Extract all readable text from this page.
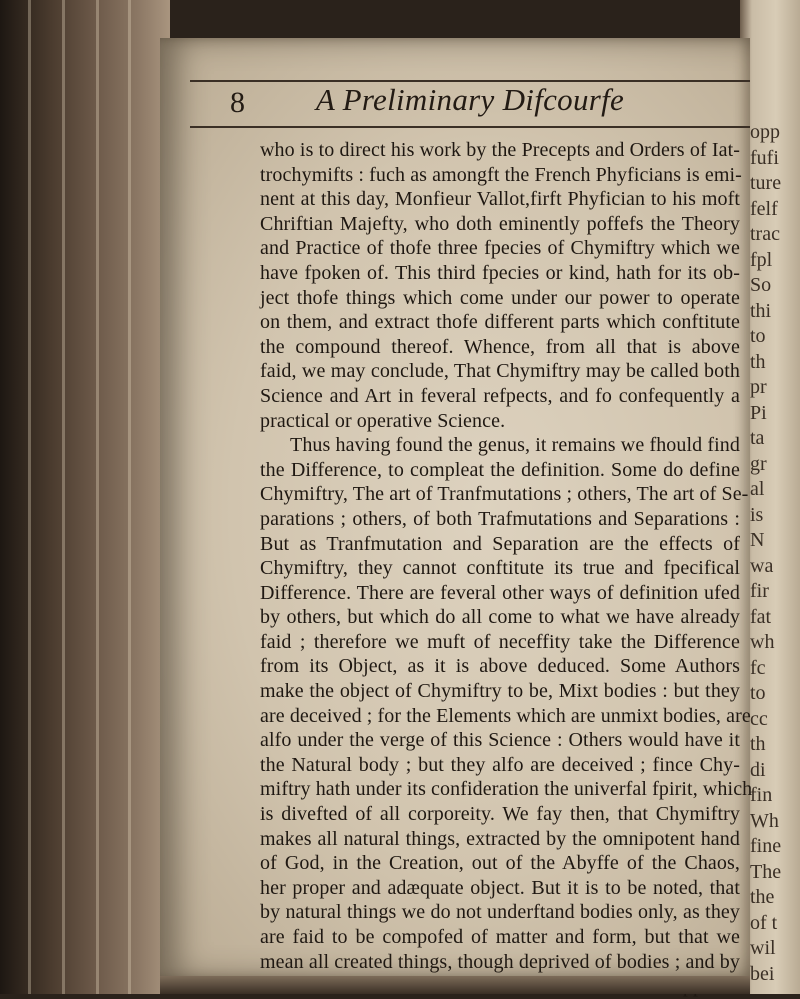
opp
fufi
ture
felf
trac
fpl
So
thi
to
th
pr
Pi
ta
gr
al
is
N
wa
fir
fat
wh
fc
to
cc
th
di
fin
Wh
fine
The
the
of t
wil
bei
8	A Preliminary Difcourfe
who is to direct his work by the Precepts and Orders of Iat-
trochymifts : fuch as amongft the French Phyficians is emi-
nent at this day, Monfieur Vallot,firft Phyfician to his moft
Chriftian Majefty, who doth eminently poffefs the Theory
and Practice of thofe three fpecies of Chymiftry which we
have fpoken of. This third fpecies or kind, hath for its ob-
ject thofe things which come under our power to operate
on them, and extract thofe different parts which conftitute
the compound thereof. Whence, from all that is above
faid, we may conclude, That Chymiftry may be called both
Science and Art in feveral refpects, and fo confequently a
practical or operative Science.
Thus having found the genus, it remains we fhould find
the Difference, to compleat the definition. Some do define
Chymiftry, The art of Tranfmutations ; others, The art of Se-
parations ; others, of both Trafmutations and Separations :
But as Tranfmutation and Separation are the effects of
Chymiftry, they cannot conftitute its true and fpecifical
Difference. There are feveral other ways of definition ufed
by others, but which do all come to what we have already
faid ; therefore we muft of neceffity take the Difference
from its Object, as it is above deduced. Some Authors
make the object of Chymiftry to be, Mixt bodies : but they
are deceived ; for the Elements which are unmixt bodies, are
alfo under the verge of this Science : Others would have it
the Natural body ; but they alfo are deceived ; fince Chy-
miftry hath under its confideration the univerfal fpirit, which
is divefted of all corporeity. We fay then, that Chymiftry
makes all natural things, extracted by the omnipotent hand
of God, in the Creation, out of the Abyffe of the Chaos,
her proper and adæquate object. But it is to be noted, that
by natural things we do not underftand bodies only, as they
are faid to be compofed of matter and form, but that we
mean all created things, though deprived of bodies ; and by
